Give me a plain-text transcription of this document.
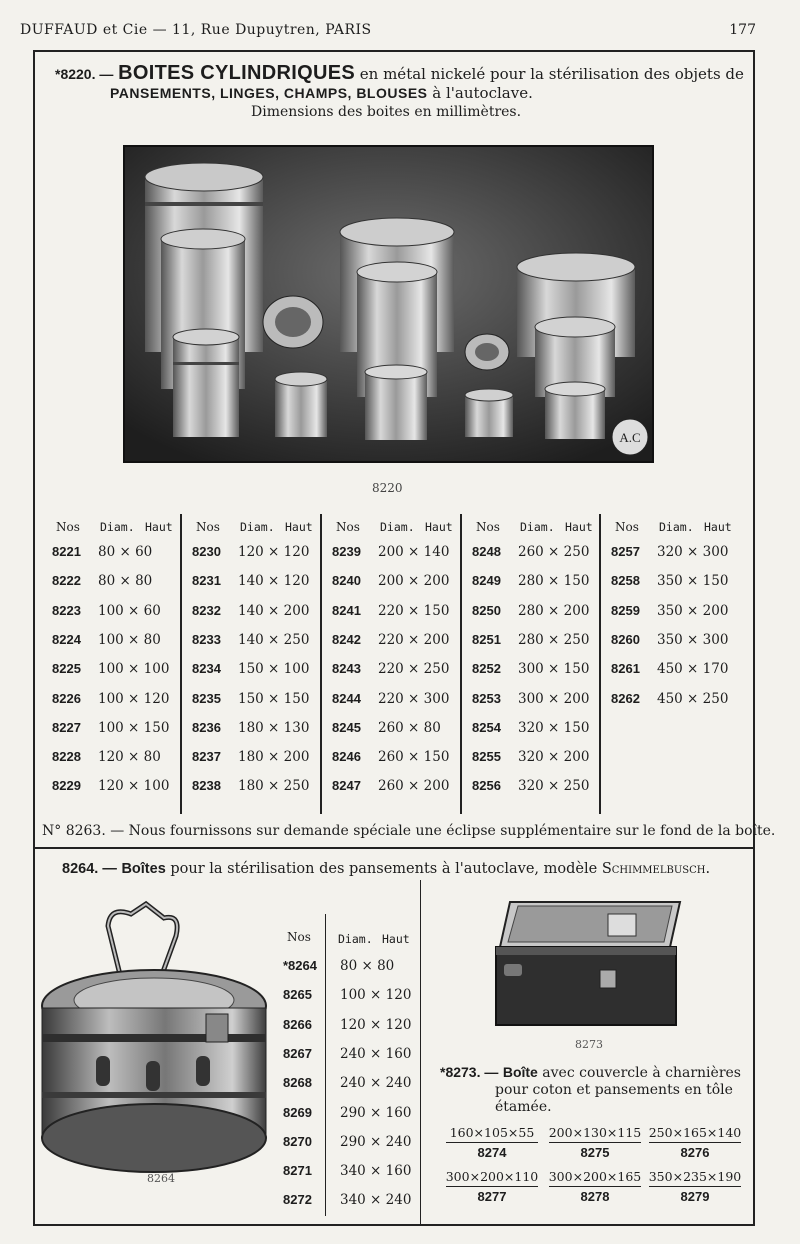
DUFFAUD et Cie — 11, Rue Dupuytren, PARIS	177
*8220. — BOITES CYLINDRIQUES en métal nickelé pour la stérilisation des objets de
PANSEMENTS, LINGES, CHAMPS, BLOUSES à l'autoclave.
Dimensions des boites en millimètres.
A.C
8220
Nos Diam. Haut
8221 80 × 60
8222 80 × 80
8223 100 × 60
8224 100 × 80
8225 100 × 100
8226 100 × 120
8227 100 × 150
8228 120 × 80
8229 120 × 100
Nos Diam. Haut
8230 120 × 120
8231 140 × 120
8232 140 × 200
8233 140 × 250
8234 150 × 100
8235 150 × 150
8236 180 × 130
8237 180 × 200
8238 180 × 250
Nos Diam. Haut
8239 200 × 140
8240 200 × 200
8241 220 × 150
8242 220 × 200
8243 220 × 250
8244 220 × 300
8245 260 × 80
8246 260 × 150
8247 260 × 200
Nos Diam. Haut
8248 260 × 250
8249 280 × 150
8250 280 × 200
8251 280 × 250
8252 300 × 150
8253 300 × 200
8254 320 × 150
8255 320 × 200
8256 320 × 250
Nos Diam. Haut
8257 320 × 300
8258 350 × 150
8259 350 × 200
8260 350 × 300
8261 450 × 170
8262 450 × 250
N° 8263. — Nous fournissons sur demande spéciale une éclipse supplémentaire sur le fond de la boîte.
8264. — Boîtes pour la stérilisation des pansements à l'autoclave, modèle Schimmelbusch.
8264
Nos Diam. Haut
*8264 80 × 80
8265 100 × 120
8266 120 × 120
8267 240 × 160
8268 240 × 240
8269 290 × 160
8270 290 × 240
8271 340 × 160
8272 340 × 240
8273
*8273. — Boîte avec couvercle à charnières
pour coton et pansements en tôle
étamée.
160×105×55
8274
200×130×115
8275
250×165×140
8276
300×200×110
8277
300×200×165
8278
350×235×190
8279
